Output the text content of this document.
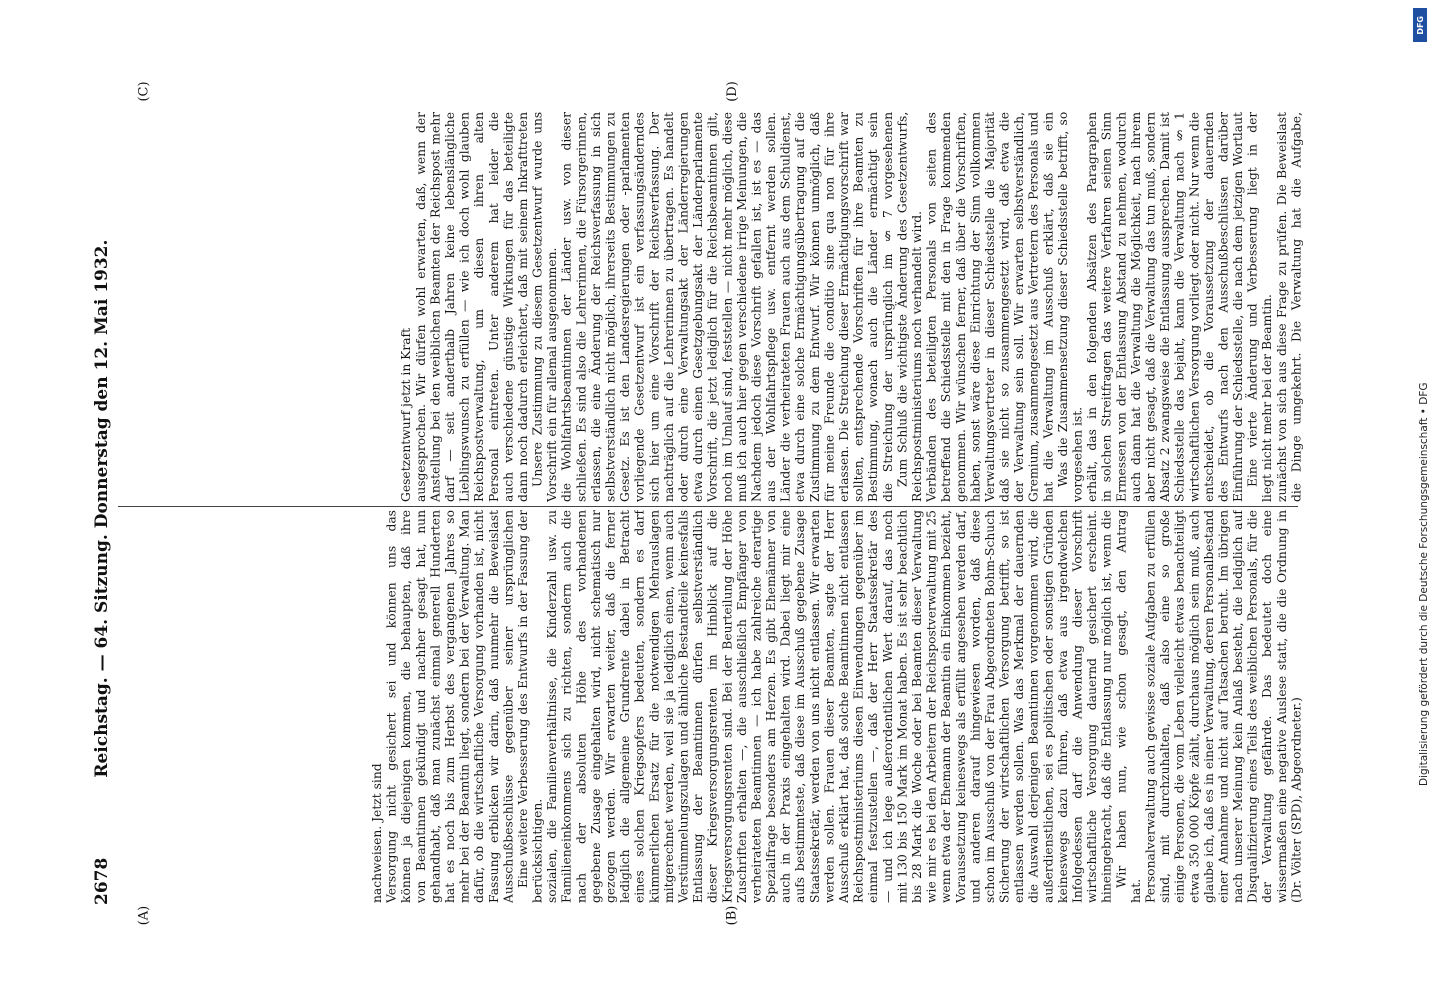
2678
Reichstag. — 64. Sitzung. Donnerstag den 12. Mai 1932.
(A)	(B)
(C)	(D)
(Dr. Völter (SPD), Abgeordneter.)

wissermaßen eine negative Auslese statt, die die Ordnung in der Verwaltung gefährde. Das bedeutet doch eine Disqualifizierung eines Teils des weiblichen Personals, für die nach unserer Meinung kein Anlaß besteht, die lediglich auf einer Annahme und nicht auf Tatsachen beruht. Im übrigen glaube ich, daß es in einer Verwaltung, deren Personalbestand etwa 350 000 Köpfe zählt, durchaus möglich sein muß, auch einige Personen, die vom Leben vielleicht etwas benachteiligt sind, mit durchzuhalten, daß also eine so große Personalverwaltung auch gewisse soziale Aufgaben zu erfüllen hat.

Wir haben nun, wie schon gesagt, den Antrag hineingebracht, daß die Entlassung nur möglich ist, wenn die wirtschaftliche Versorgung dauernd gesichert erscheint. Infolgedessen darf die Anwendung dieser Vorschrift keineswegs dazu führen, daß etwa aus irgendwelchen außerdienstlichen, sei es politischen oder sonstigen Gründen die Auswahl derjenigen Beamtinnen vorgenommen wird, die entlassen werden sollen. Was das Merkmal der dauernden Sicherung der wirtschaftlichen Versorgung betrifft, so ist schon im Ausschuß von der Frau Abgeordneten Bohm-Schuch und anderen darauf hingewiesen worden, daß diese Voraussetzung keineswegs als erfüllt angesehen werden darf, wenn etwa der Ehemann der Beamtin ein Einkommen bezieht, wie mir es bei den Arbeitern der Reichspostverwaltung mit 25 bis 28 Mark die Woche oder bei Beamten dieser Verwaltung mit 130 bis 150 Mark im Monat haben. Es ist sehr beachtlich — und ich lege außerordentlichen Wert darauf, das noch einmal festzustellen —, daß der Herr Staatssekretär des Reichspostministeriums diesen Einwendungen gegenüber im Ausschuß erklärt hat, daß solche Beamtinnen nicht entlassen werden sollen. Frauen dieser Beamten, sagte der Herr Staatssekretär, werden von uns nicht entlassen. Wir erwarten aufs bestimmteste, daß diese im Ausschuß gegebene Zusage auch in der Praxis eingehalten wird. Dabei liegt mir eine Spezialfrage besonders am Herzen. Es gibt Ehemänner von verheirateten Beamtinnen — ich habe zahlreiche derartige Zuschriften erhalten —, die ausschließlich Empfänger von Kriegsversorgungsrenten sind. Bei der Beurteilung der Höhe dieser Kriegsversorgungsrenten im Hinblick auf die Entlassung der Beamtinnen dürfen selbstverständlich Verstümmelungszulagen und ähnliche Bestandteile keinesfalls mitgerechnet werden, weil sie ja lediglich einen, wenn auch kümmerlichen Ersatz für die notwendigen Mehrauslagen eines solchen Kriegsopfers bedeuten, sondern es darf lediglich die allgemeine Grundrente dabei in Betracht gezogen werden. Wir erwarten weiter, daß die ferner gegebene Zusage eingehalten wird, nicht schematisch nur nach der absoluten Höhe des vorhandenen Familieneinkommens sich zu richten, sondern auch die sozialen, die Familienverhältnisse, die Kinderzahl usw. zu berücksichtigen.

Eine weitere Verbesserung des Entwurfs in der Fassung der Ausschußbeschlüsse gegenüber seiner ursprünglichen Fassung erblicken wir darin, daß nunmehr die Beweislast dafür, ob die wirtschaftliche Versorgung vorhanden ist, nicht mehr bei der Beamtin liegt, sondern bei der Verwaltung. Man hat es noch bis zum Herbst des vergangenen Jahres so gehandhabt, daß man zunächst einmal generell Hunderten von Beamtinnen gekündigt und nachher gesagt hat, nun können ja diejenigen kommen, die behaupten, daß ihre Versorgung nicht gesichert sei und können uns das nachweisen. Jetzt sind

die Dinge umgekehrt. Die Verwaltung hat die Aufgabe, zunächst von sich aus diese Frage zu prüfen. Die Beweislast liegt nicht mehr bei der Beamtin.

Eine vierte Änderung und Verbesserung liegt in der Einführung der Schiedsstelle, die nach dem jetzigen Wortlaut des Entwurfs nach den Ausschußbeschlüssen darüber entscheidet, ob die Voraussetzung der dauernden wirtschaftlichen Versorgung vorliegt oder nicht. Nur wenn die Schiedsstelle das bejaht, kann die Verwaltung nach § 1 Absatz 2 zwangsweise die Entlassung aussprechen. Damit ist aber nicht gesagt, daß die Verwaltung das tun muß, sondern auch dann hat die Verwaltung die Möglichkeit, nach ihrem Ermessen von der Entlassung Abstand zu nehmen, wodurch in solchen Streitfragen das weitere Verfahren seinen Sinn erhält, das in den folgenden Absätzen des Paragraphen vorgesehen ist.

Was die Zusammensetzung dieser Schiedsstelle betrifft, so hat die Verwaltung im Ausschuß erklärt, daß sie ein Gremium, zusammengesetzt aus Vertretern des Personals und der Verwaltung sein soll. Wir erwarten selbstverständlich, daß sie nicht so zusammengesetzt wird, daß etwa die Verwaltungsvertreter in dieser Schiedsstelle die Majorität haben, sonst wäre diese Einrichtung der Sinn vollkommen genommen. Wir wünschen ferner, daß über die Vorschriften, betreffend die Schiedsstelle mit den in Frage kommenden Verbänden des beteiligten Personals von seiten des Reichspostministeriums noch verhandelt wird.

Zum Schluß die wichtigste Änderung des Gesetzentwurfs, die Streichung der ursprünglich im § 7 vorgesehenen Bestimmung, wonach auch die Länder ermächtigt sein sollten, entsprechende Vorschriften für ihre Beamten zu erlassen. Die Streichung dieser Ermächtigungsvorschrift war für meine Freunde die conditio sine qua non für ihre Zustimmung zu dem Entwurf. Wir können unmöglich, daß etwa durch eine solche Ermächtigungsübertragung auf die Länder die verheirateten Frauen auch aus dem Schuldienst, aus der Wohlfahrtspflege usw. entfernt werden sollen. Nachdem jedoch diese Vorschrift gefallen ist, ist es — das muß ich auch hier gegen verschiedene irrige Meinungen, die noch im Umlauf sind, feststellen — nicht mehr möglich, diese Vorschrift, die jetzt lediglich für die Reichsbeamtinnen gilt, etwa durch einen Gesetzgebungsakt der Länderparlamente oder durch eine Verwaltungsakt der Länderregierungen nachträglich auf die Lehrerinnen zu übertragen. Es handelt sich hier um eine Vorschrift der Reichsverfassung. Der vorliegende Gesetzentwurf ist ein verfassungsänderndes Gesetz. Es ist den Landesregierungen oder -parlamenten selbstverständlich nicht möglich, ihrerseits Bestimmungen zu erlassen, die eine Änderung der Reichsverfassung in sich schließen. Es sind also die Lehrerinnen, die Fürsorgerinnen, die Wohlfahrtsbeamtinnen der Länder usw. von dieser Vorschrift ein für allemal ausgenommen.

Unsere Zustimmung zu diesem Gesetzentwurf wurde uns dann noch dadurch erleichtert, daß mit seinem Inkrafttreten auch verschiedene günstige Wirkungen für das beteiligte Personal eintreten. Unter anderem hat leider die Reichspostverwaltung, um diesen ihren alten Lieblingswunsch zu erfüllen — wie ich doch wohl glauben darf — seit anderthalb Jahren keine lebenslängliche Anstellung bei den weiblichen Beamten der Reichspost mehr ausgesprochen. Wir dürfen wohl erwarten, daß, wenn der Gesetzentwurf jetzt in Kraft

DFG
Digitalisierung gefördert durch die Deutsche Forschungsgemeinschaft • DFG
